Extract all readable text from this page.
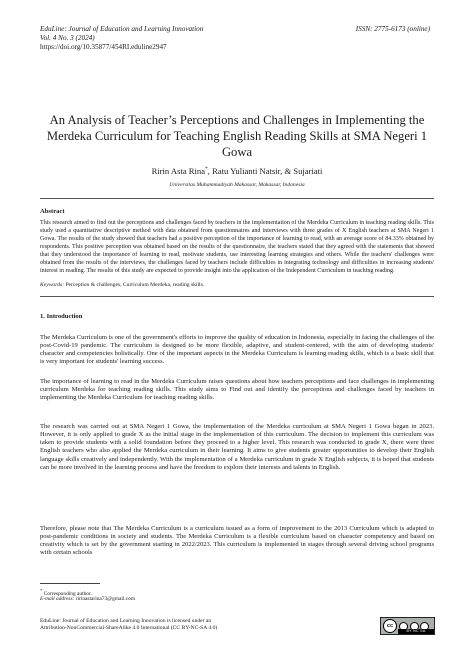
EduLine: Journal of Education and Learning Innovation
Vol. 4 No. 3 (2024)
https://doi.org/10.35877/454RI.eduline2947
ISSN: 2775-6173 (online)
An Analysis of Teacher’s Perceptions and Challenges in Implementing the Merdeka Curriculum for Teaching English Reading Skills at SMA Negeri 1 Gowa
Ririn Asta Rina*, Ratu Yulianti Natsir, & Sujariati
Universitas Muhammadiyah Makassar, Makassar, Indonesia
Abstract
This research aimed to find out the perceptions and challenges faced by teachers in the implementation of the Merdeka Curriculum in teaching reading skills. This study used a quantitative descriptive method with data obtained from questionnaires and interviews with three grades of X English teachers at SMA Negeri 1 Gowa. The results of the study showed that teachers had a positive perception of the importance of learning to read, with an average score of 84.33% obtained by respondents. This positive perception was obtained based on the results of the questionnaire, the teachers stated that they agreed with the statements that showed that they understood the importance of learning to read, motivate students, use interesting learning strategies and others. While the teachers' challenges were obtained from the results of the interviews, the challenges faced by teachers include difficulties in integrating technology and difficulties in increasing students' interest in reading. The results of this study are expected to provide insight into the application of the Independent Curriculum in teaching reading.
Keywords: Perception & challenges, Curriculum Merdeka, reading skills.
1. Introduction
The Merdeka Curriculum is one of the government's efforts to improve the quality of education in Indonesia, especially in facing the challenges of the post-Covid-19 pandemic. The curriculum is designed to be more flexible, adaptive, and student-centered, with the aim of developing students' character and competencies holistically. One of the important aspects in the Merdeka Curriculum is learning reading skills, which is a basic skill that is very important for students' learning success.
The importance of learning to read in the Merdeka Curriculum raises questions about how teachers perceptions and face challenges in implementing curriculum Merdeka for teaching reading skills. This study aims to Find out and identify the perceptions and challenges faced by teachers in implementing the Merdeka Curriculum for teaching reading skills.
The research was carried out at SMA Negeri 1 Gowa, the implementation of the Merdeka curriculum at SMA Negeri 1 Gowa began in 2023. However, it is only applied to grade X as the initial stage in the implementation of this curriculum. The decision to implement this curriculum was taken to provide students with a solid foundation before they proceed to a higher level. This research was conducted in grade X, there were three English teachers who also applied the Merdeka curriculum in their learning. It aims to give students greater opportunities to develop their English language skills creatively and independently. With the implementation of a Merdeka curriculum in grade X English subjects, it is hoped that students can be more involved in the learning process and have the freedom to explore their interests and talents in English.
Therefore, please note that The Merdeka Curriculum is a curriculum issued as a form of improvement to the 2013 Curriculum which is adapted to post-pandemic conditions in society and students. The Merdeka Curriculum is a flexible curriculum based on character competency and based on creativity which is set by the government starting in 2022/2023. This curriculum is implemented in stages through several driving school programs with certain schools
* Corresponding author.
E-mail address: ririnastarina73@gmail.com
EduLine: Journal of Education and Learning Innovation is licensed under an
Attribution-NonCommercial-ShareAlike 4.0 International (CC BY-NC-SA 4.0)	cc
BY NC SA
